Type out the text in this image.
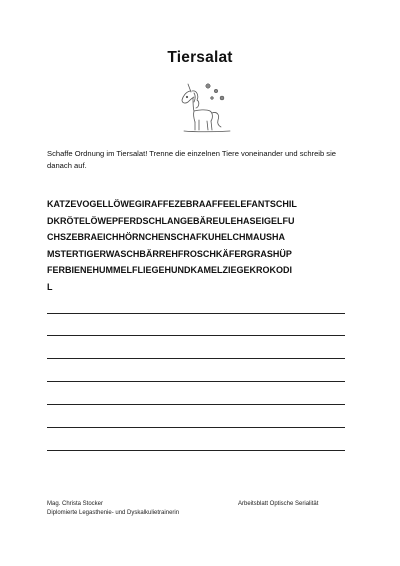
Tiersalat
Schaffe Ordnung im Tiersalat! Trenne die einzelnen Tiere voneinander und schreib sie danach auf.
KATZEVOGELLÖWEGIRAFFEZEBRAAFFEELEFANTSCHIL
DKRÖTELÖWEPFERDSCHLANGEBÄREULEHASEIGELFU
CHSZEBRAEICHHÖRNCHENSCHAFKUHELCHMAUSHA
MSTERTIGERWASCHBÄRREHFROSCHKÄFERGRASHÜP
FERBIENEHUMMELFLIEGEHUNDKAMELZIEGEKROKODI
L
Mag. Christa Stocker
Diplomierte Legasthenie- und Dyskalkulietrainerin
Arbeitsblatt Optische Serialität
